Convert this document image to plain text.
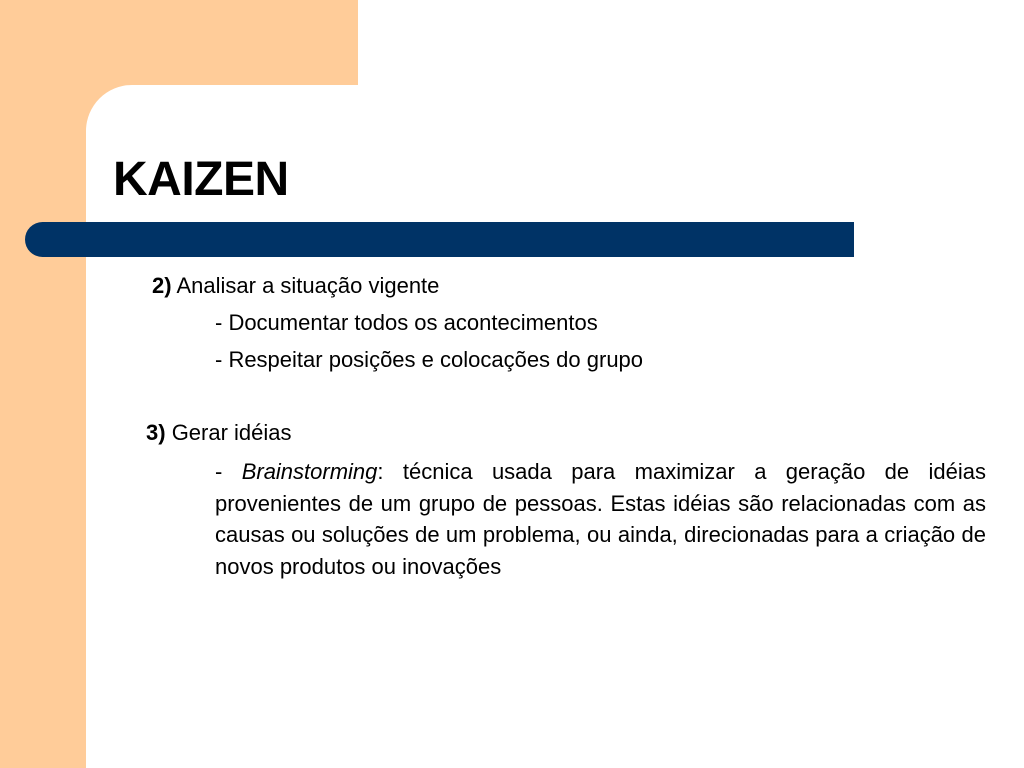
KAIZEN

2) Analisar a situação vigente

- Documentar todos os acontecimentos

- Respeitar posições e colocações do grupo

3) Gerar idéias

- Brainstorming: técnica usada para maximizar a geração de idéias provenientes de um grupo de pessoas. Estas idéias são relacionadas com as causas ou soluções de um problema, ou ainda, direcionadas para a criação de novos produtos ou inovações
